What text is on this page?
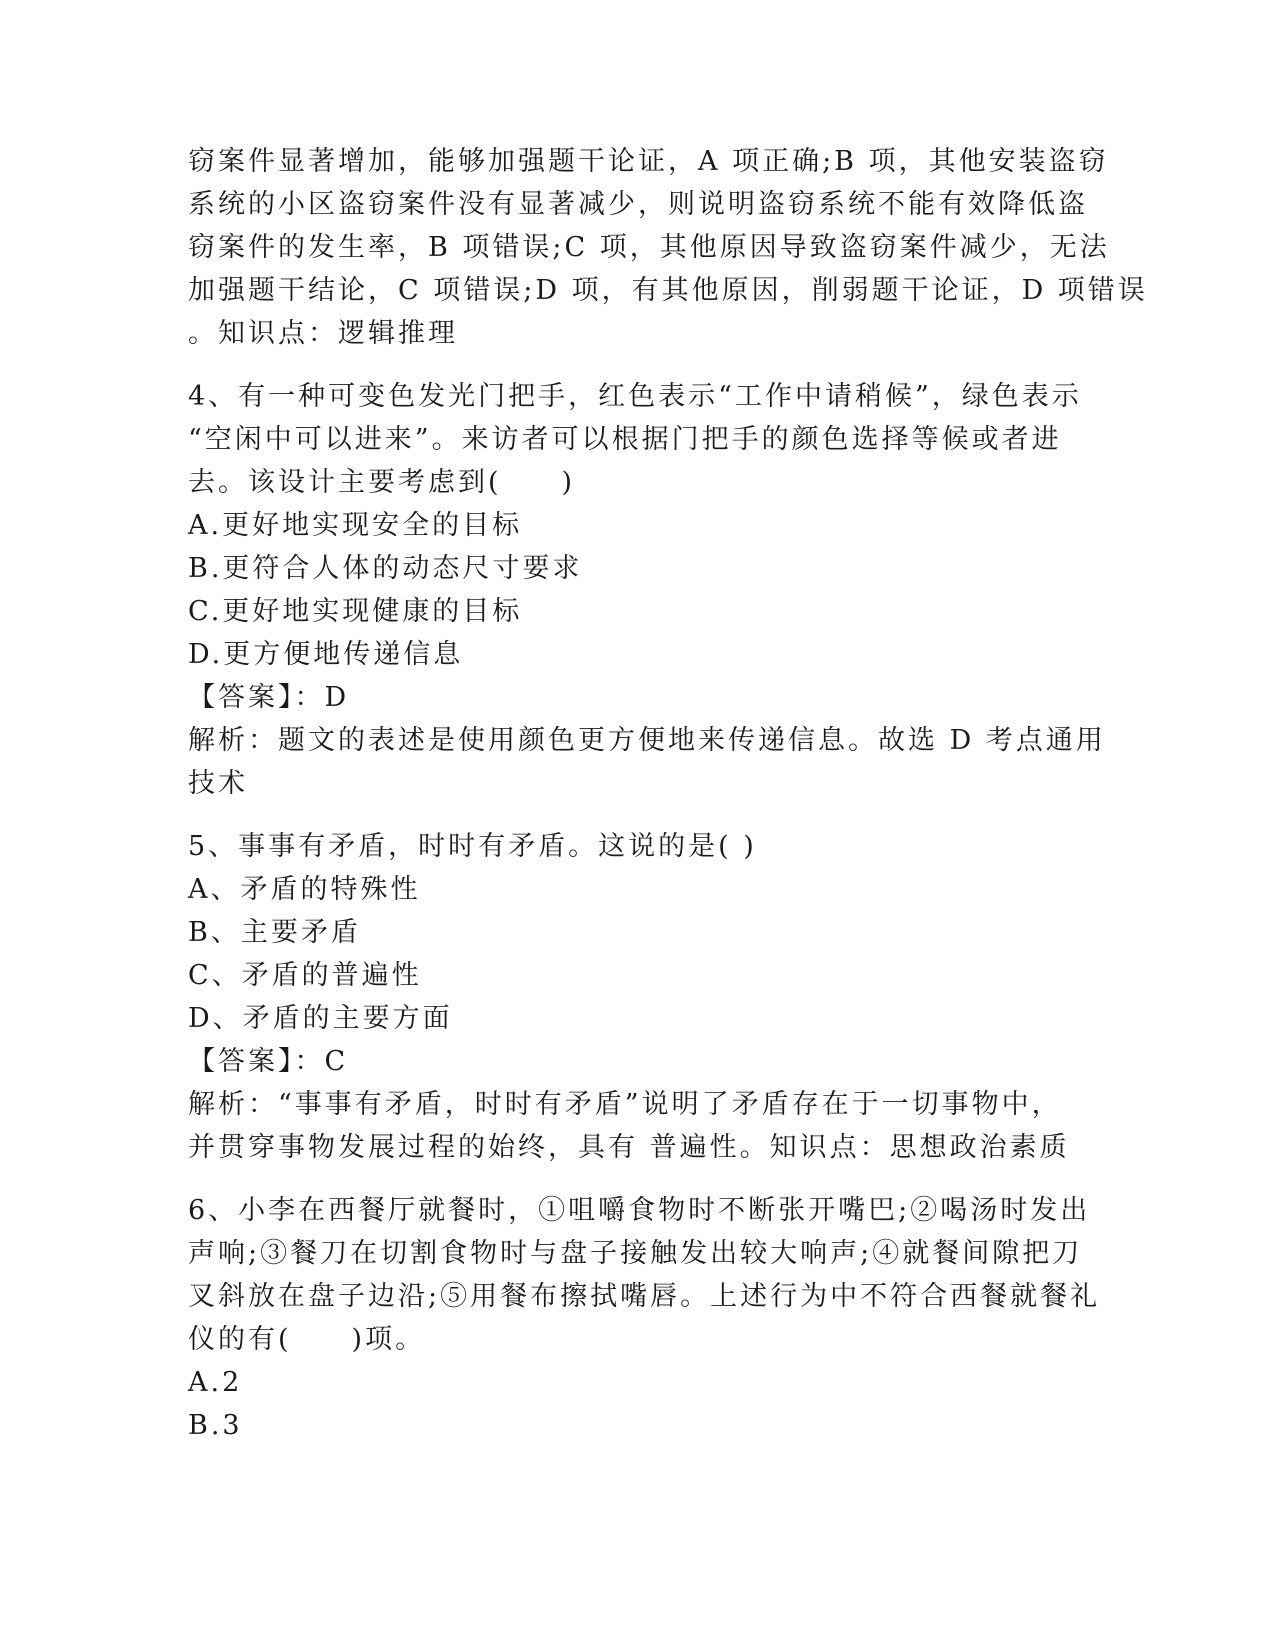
窃案件显著增加，能够加强题干论证，A 项正确;B 项，其他安装盗窃
系统的小区盗窃案件没有显著减少，则说明盗窃系统不能有效降低盗
窃案件的发生率，B 项错误;C 项，其他原因导致盗窃案件减少，无法
加强题干结论，C 项错误;D 项，有其他原因，削弱题干论证，D 项错误
。知识点：逻辑推理
4、有一种可变色发光门把手，红色表示“工作中请稍候”，绿色表示
“空闲中可以进来”。来访者可以根据门把手的颜色选择等候或者进
去。该设计主要考虑到(　　)
A.更好地实现安全的目标
B.更符合人体的动态尺寸要求
C.更好地实现健康的目标
D.更方便地传递信息
【答案】：D
解析：题文的表述是使用颜色更方便地来传递信息。故选 D 考点通用
技术
5、事事有矛盾，时时有矛盾。这说的是( )
A、矛盾的特殊性
B、主要矛盾
C、矛盾的普遍性
D、矛盾的主要方面
【答案】：C
解析：“事事有矛盾，时时有矛盾”说明了矛盾存在于一切事物中，
并贯穿事物发展过程的始终，具有 普遍性。知识点：思想政治素质
6、小李在西餐厅就餐时，①咀嚼食物时不断张开嘴巴;②喝汤时发出
声响;③餐刀在切割食物时与盘子接触发出较大响声;④就餐间隙把刀
叉斜放在盘子边沿;⑤用餐布擦拭嘴唇。上述行为中不符合西餐就餐礼
仪的有(　　)项。
A.2
B.3
